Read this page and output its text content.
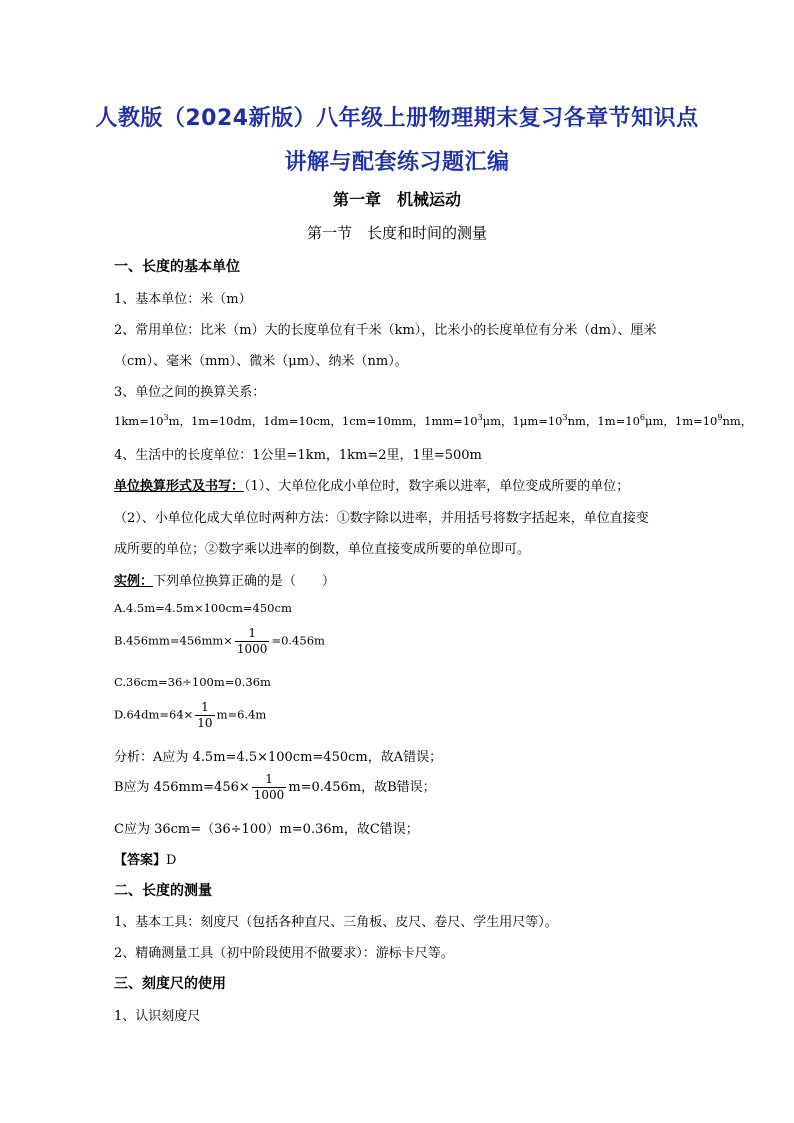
人教版（2024新版）八年级上册物理期末复习各章节知识点
讲解与配套练习题汇编
第一章　机械运动
第一节　长度和时间的测量
一、长度的基本单位
1、基本单位：米（m）
2、常用单位：比米（m）大的长度单位有千米（km），比米小的长度单位有分米（dm）、厘米
（cm）、毫米（mm）、微米（μm）、纳米（nm）。
3、单位之间的换算关系：
$1km=10^3m$，1m=10dm，1dm=10cm，1cm=10mm，$1mm=10^3\mu m$，$1\mu m=10^3nm$，$1m=10^6\mu m$，$1m=10^9nm$，
4、生活中的长度单位：1公里=1km，1km=2里，1里=500m
单位换算形式及书写：（1）、大单位化成小单位时，数字乘以进率，单位变成所要的单位；
（2）、小单位化成大单位时两种方法：①数字除以进率，并用括号将数字括起来，单位直接变
成所要的单位；②数字乘以进率的倒数，单位直接变成所要的单位即可。
实例：下列单位换算正确的是（　　）
A.4.5m=4.5m×100cm=450cm
$B.456mm=456mm\times \frac{1}{1000} =0.456m$
C.36cm=36÷100m=0.36m
$D.64dm=64\times \frac{1}{10} m=6.4m$
分析：A应为 4.5m=4.5×100cm=450cm，故A错误；
B应为 $456mm=456\times \frac{1}{1000} m=0.456m$，故B错误；
C应为 36cm=（36÷100）m=0.36m，故C错误；
【答案】D
二、长度的测量
1、基本工具：刻度尺（包括各种直尺、三角板、皮尺、卷尺、学生用尺等）。
2、精确测量工具（初中阶段使用不做要求）：游标卡尺等。
三、刻度尺的使用
1、认识刻度尺
